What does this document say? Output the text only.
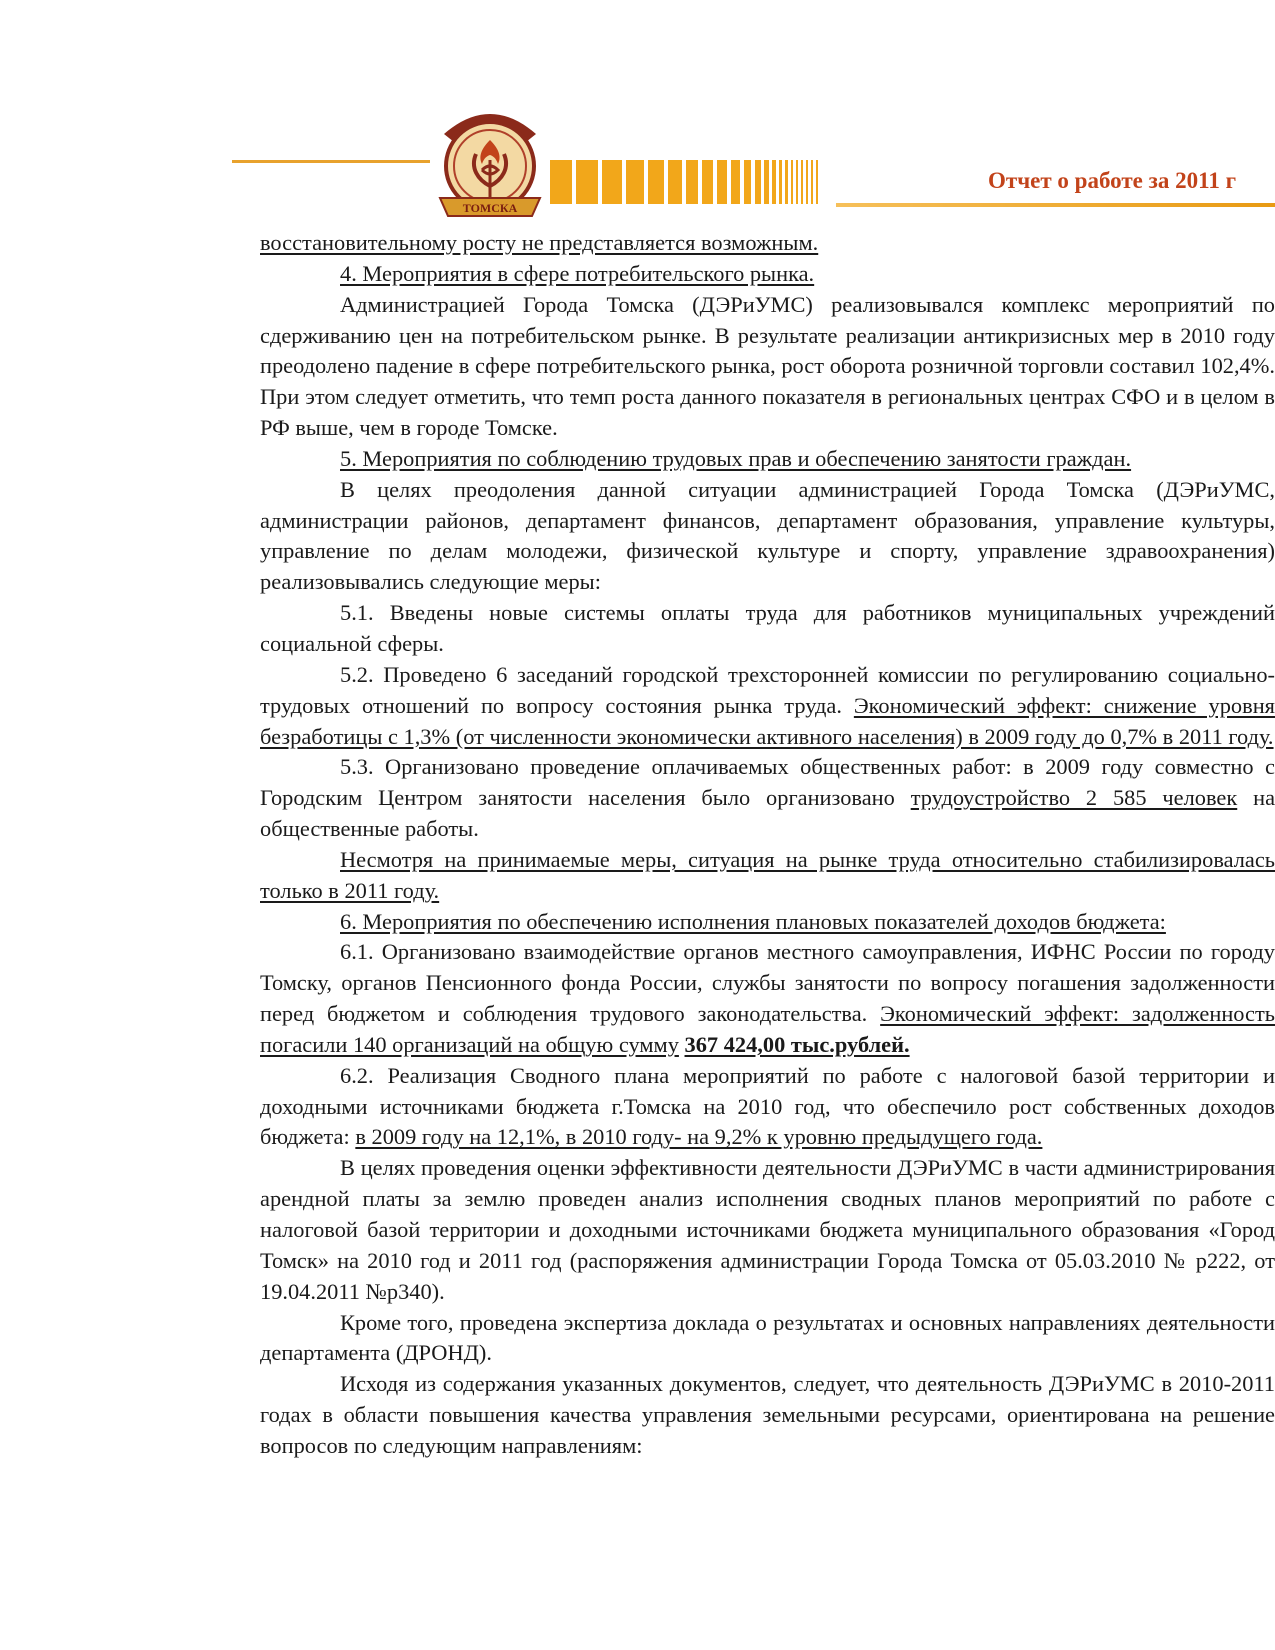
ТОМСКА
Отчет о работе за 2011 г

восстановительному росту не представляется возможным.

4. Мероприятия в сфере потребительского рынка.

Администрацией Города Томска (ДЭРиУМС) реализовывался комплекс мероприятий по сдерживанию цен на потребительском рынке. В результате реализации антикризисных мер в 2010 году преодолено падение в сфере потребительского рынка, рост оборота розничной торговли составил 102,4%. При этом следует отметить, что темп роста данного показателя в региональных центрах СФО и в целом в РФ выше, чем в городе Томске.

5. Мероприятия по соблюдению трудовых прав и обеспечению занятости граждан.

В целях преодоления данной ситуации администрацией Города Томска (ДЭРиУМС, администрации районов, департамент финансов, департамент образования, управление культуры, управление по делам молодежи, физической культуре и спорту, управление здравоохранения) реализовывались следующие меры:

5.1. Введены новые системы оплаты труда для работников муниципальных учреждений социальной сферы.

5.2. Проведено 6 заседаний городской трехсторонней комиссии по регулированию социально-трудовых отношений по вопросу состояния рынка труда. Экономический эффект: снижение уровня безработицы с 1,3% (от численности экономически активного населения) в 2009 году до 0,7% в 2011 году.

5.3. Организовано проведение оплачиваемых общественных работ: в 2009 году совместно с Городским Центром занятости населения было организовано трудоустройство 2 585 человек на общественные работы.

Несмотря на принимаемые меры, ситуация на рынке труда относительно стабилизировалась только в 2011 году.

6. Мероприятия по обеспечению исполнения плановых показателей доходов бюджета:

6.1. Организовано взаимодействие органов местного самоуправления, ИФНС России по городу Томску, органов Пенсионного фонда России, службы занятости по вопросу погашения задолженности перед бюджетом и соблюдения трудового законодательства. Экономический эффект: задолженность погасили 140 организаций на общую сумму 367 424,00 тыс.рублей.

6.2. Реализация Сводного плана мероприятий по работе с налоговой базой территории и доходными источниками бюджета г.Томска на 2010 год, что обеспечило рост собственных доходов бюджета: в 2009 году на 12,1%, в 2010 году- на 9,2% к уровню предыдущего года.

В целях проведения оценки эффективности деятельности ДЭРиУМС в части администрирования арендной платы за землю проведен анализ исполнения сводных планов мероприятий по работе с налоговой базой территории и доходными источниками бюджета муниципального образования «Город Томск» на 2010 год и 2011 год (распоряжения администрации Города Томска от 05.03.2010 № р222, от 19.04.2011 №р340).

Кроме того, проведена экспертиза доклада о результатах и основных направлениях деятельности департамента (ДРОНД).

Исходя из содержания указанных документов, следует, что деятельность ДЭРиУМС в 2010-2011 годах в области повышения качества управления земельными ресурсами, ориентирована на решение вопросов по следующим направлениям:
